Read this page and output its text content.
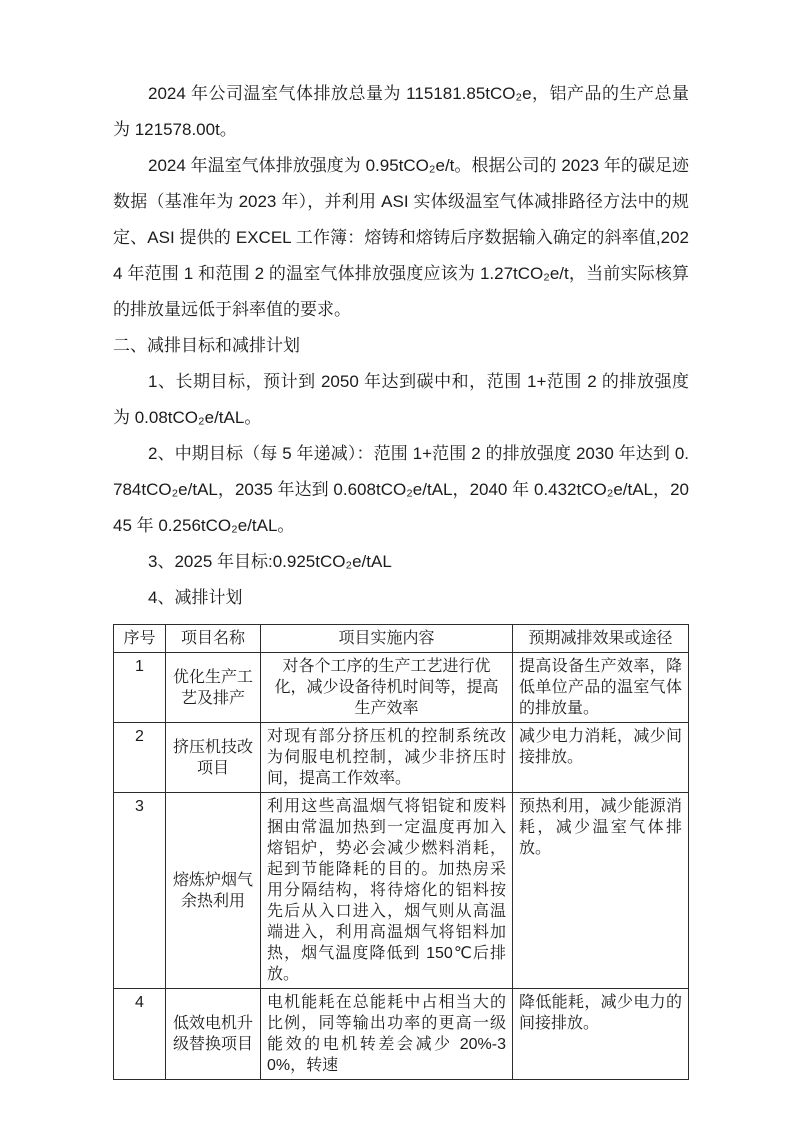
2024 年公司温室气体排放总量为 115181.85tCO₂e，铝产品的生产总量为 121578.00t。

2024 年温室气体排放强度为 0.95tCO₂e/t。根据公司的 2023 年的碳足迹数据（基准年为 2023 年），并利用 ASI 实体级温室气体减排路径方法中的规定、ASI 提供的 EXCEL 工作簿：熔铸和熔铸后序数据输入确定的斜率值,2024 年范围 1 和范围 2 的温室气体排放强度应该为 1.27tCO₂e/t，当前实际核算的排放量远低于斜率值的要求。

二、减排目标和减排计划

1、长期目标，预计到 2050 年达到碳中和，范围 1+范围 2 的排放强度为 0.08tCO₂e/tAL。

2、中期目标（每 5 年递减）：范围 1+范围 2 的排放强度 2030 年达到 0.784tCO₂e/tAL，2035 年达到 0.608tCO₂e/tAL，2040 年 0.432tCO₂e/tAL，2045 年 0.256tCO₂e/tAL。

3、2025 年目标:0.925tCO₂e/tAL

4、减排计划

序号	项目名称	项目实施内容	预期减排效果或途径
1	优化生产工艺及排产	对各个工序的生产工艺进行优化，减少设备待机时间等，提高生产效率	提高设备生产效率，降低单位产品的温室气体的排放量。
2	挤压机技改项目	对现有部分挤压机的控制系统改为伺服电机控制，减少非挤压时间，提高工作效率。	减少电力消耗，减少间接排放。
3	熔炼炉烟气余热利用	利用这些高温烟气将铝锭和废料捆由常温加热到一定温度再加入熔铝炉，势必会减少燃料消耗，起到节能降耗的目的。加热房采用分隔结构，将待熔化的铝料按先后从入口进入，烟气则从高温端进入，利用高温烟气将铝料加热，烟气温度降低到 150℃后排放。	预热利用，减少能源消耗，减少温室气体排放。
4	低效电机升级替换项目	电机能耗在总能耗中占相当大的比例，同等输出功率的更高一级能效的电机转差会减少 20%-30%，转速	降低能耗，减少电力的间接排放。
